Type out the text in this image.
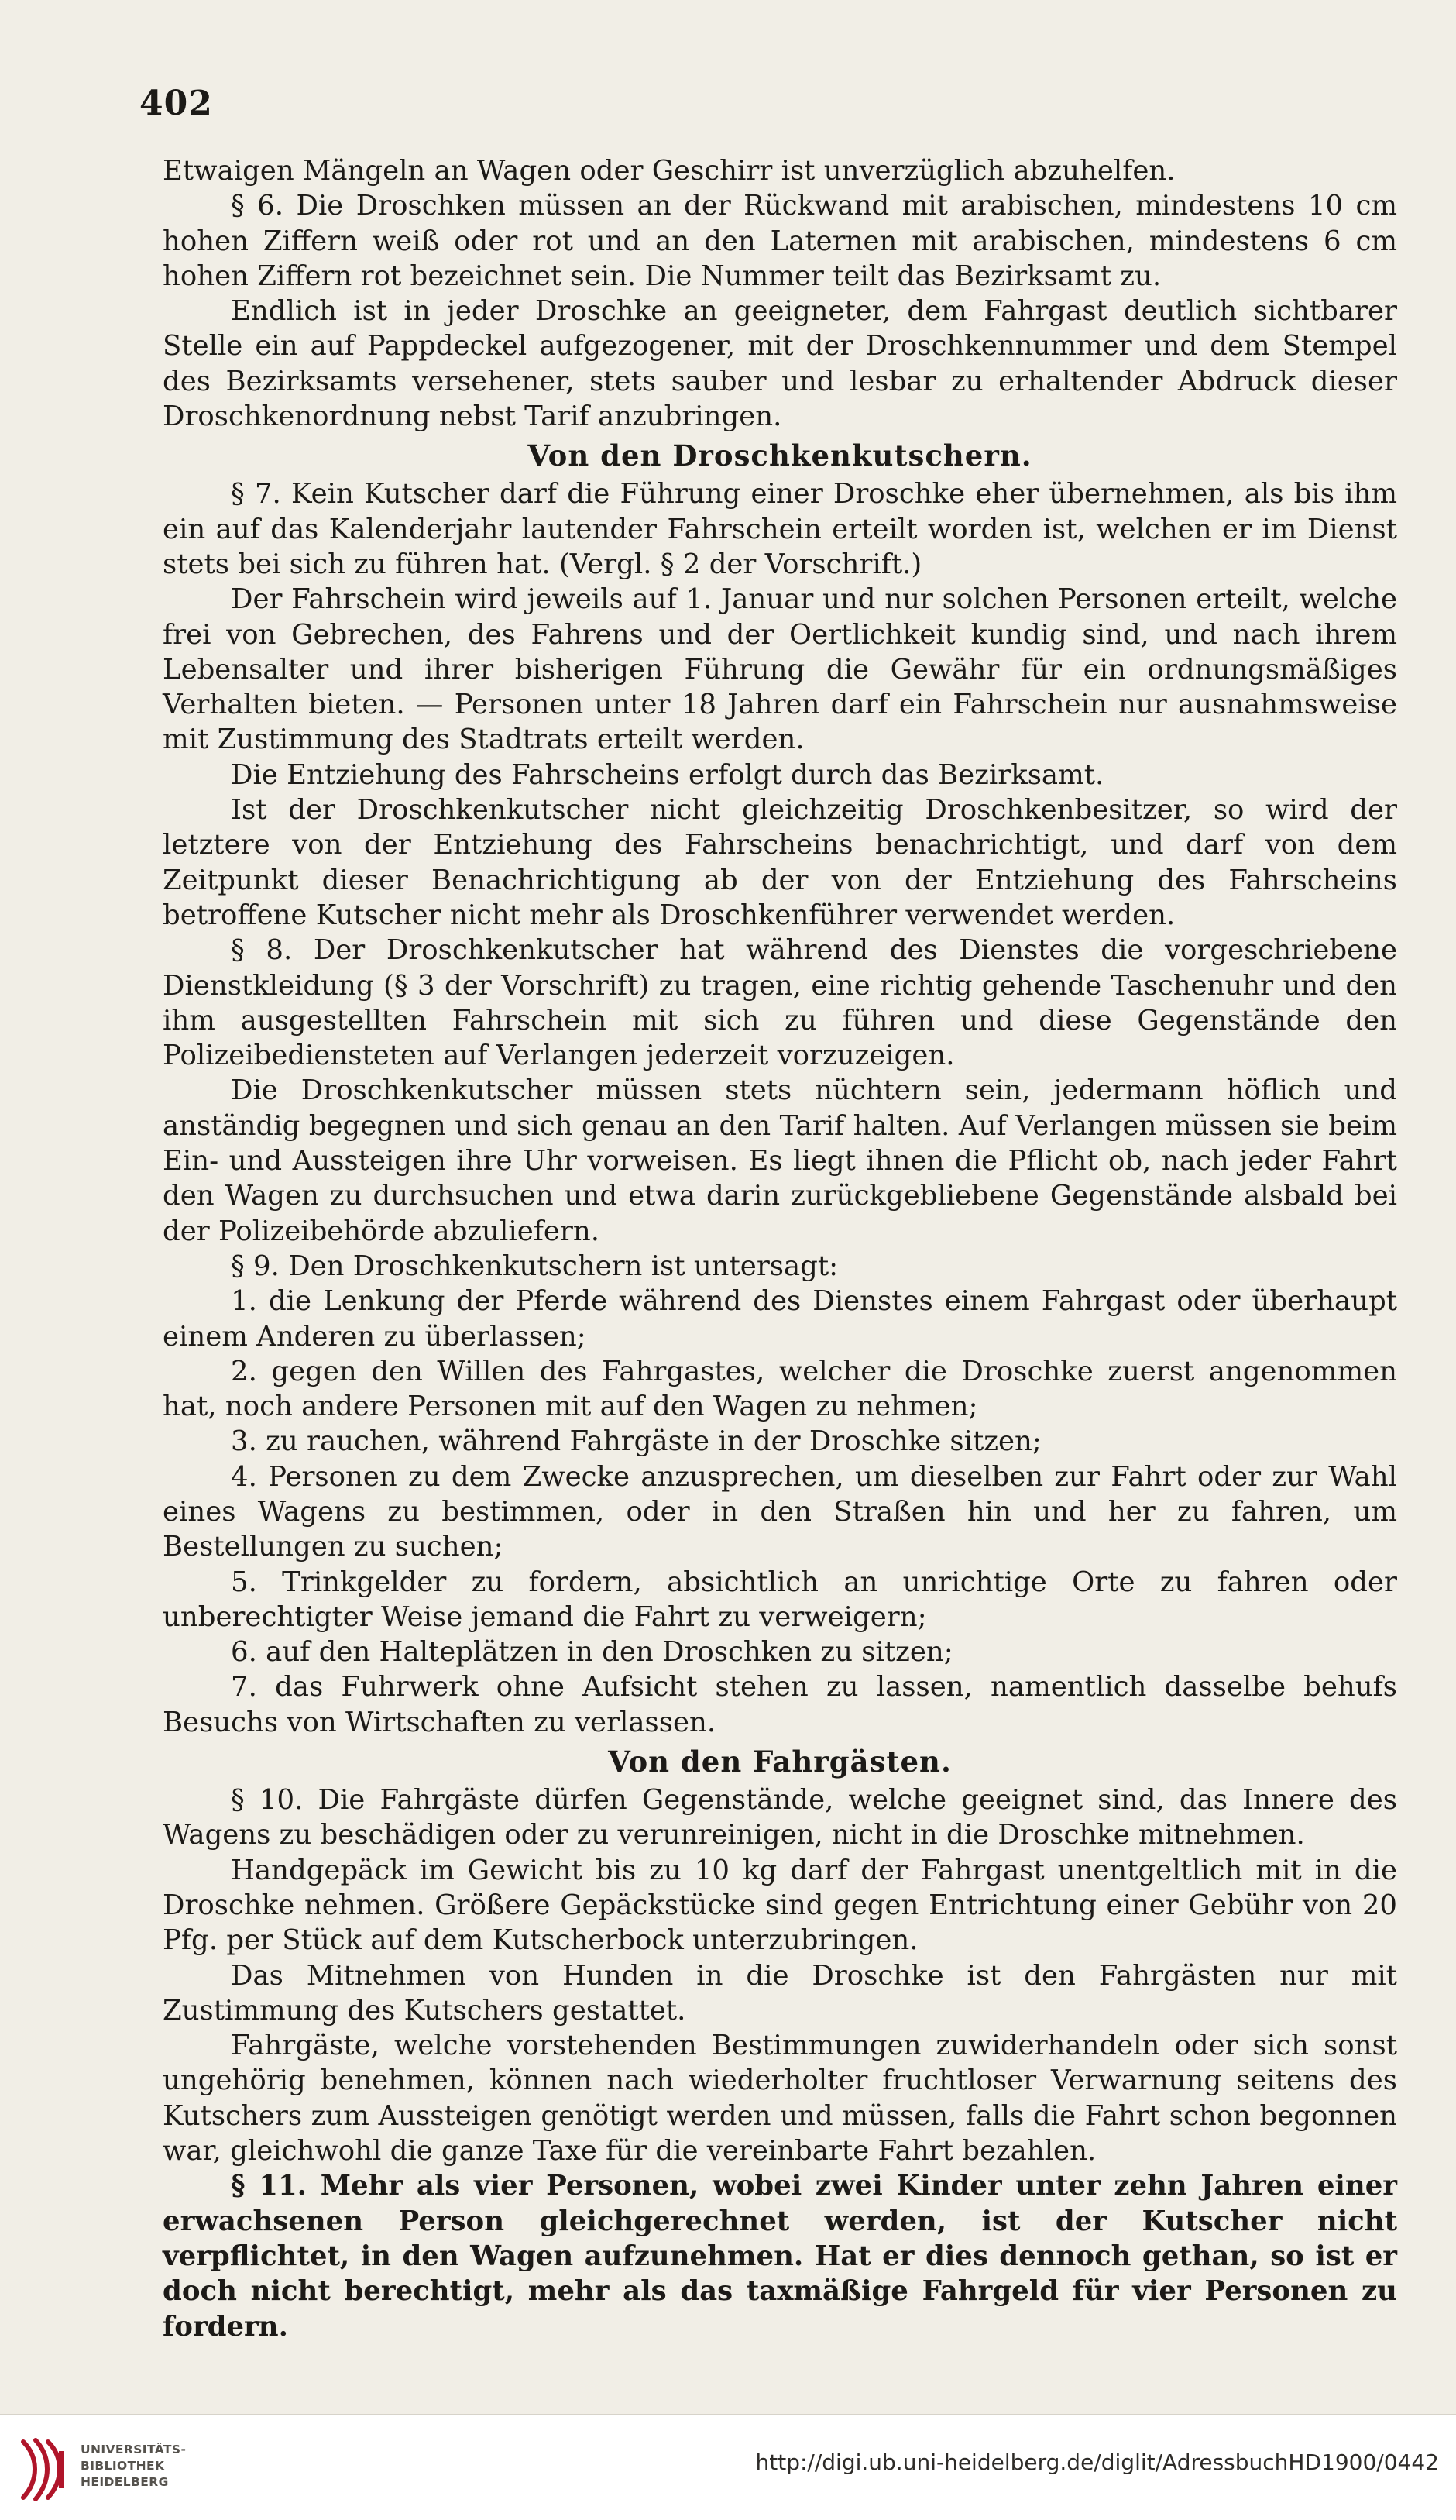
402

Etwaigen Mängeln an Wagen oder Geschirr ist unverzüglich abzuhelfen.

§ 6. Die Droschken müssen an der Rückwand mit arabischen, mindestens 10 cm hohen Ziffern weiß oder rot und an den Laternen mit arabischen, mindestens 6 cm hohen Ziffern rot bezeichnet sein. Die Nummer teilt das Bezirksamt zu.

Endlich ist in jeder Droschke an geeigneter, dem Fahrgast deutlich sichtbarer Stelle ein auf Pappdeckel aufgezogener, mit der Droschkennummer und dem Stempel des Bezirksamts versehener, stets sauber und lesbar zu erhaltender Abdruck dieser Droschkenordnung nebst Tarif anzubringen.

Von den Droschkenkutschern.

§ 7. Kein Kutscher darf die Führung einer Droschke eher übernehmen, als bis ihm ein auf das Kalenderjahr lautender Fahrschein erteilt worden ist, welchen er im Dienst stets bei sich zu führen hat. (Vergl. § 2 der Vorschrift.)

Der Fahrschein wird jeweils auf 1. Januar und nur solchen Personen erteilt, welche frei von Gebrechen, des Fahrens und der Oertlichkeit kundig sind, und nach ihrem Lebensalter und ihrer bisherigen Führung die Gewähr für ein ordnungsmäßiges Verhalten bieten. — Personen unter 18 Jahren darf ein Fahrschein nur ausnahmsweise mit Zustimmung des Stadtrats erteilt werden.

Die Entziehung des Fahrscheins erfolgt durch das Bezirksamt.

Ist der Droschkenkutscher nicht gleichzeitig Droschkenbesitzer, so wird der letztere von der Entziehung des Fahrscheins benachrichtigt, und darf von dem Zeitpunkt dieser Benachrichtigung ab der von der Entziehung des Fahrscheins betroffene Kutscher nicht mehr als Droschkenführer verwendet werden.

§ 8. Der Droschkenkutscher hat während des Dienstes die vorgeschriebene Dienstkleidung (§ 3 der Vorschrift) zu tragen, eine richtig gehende Taschenuhr und den ihm ausgestellten Fahrschein mit sich zu führen und diese Gegenstände den Polizeibediensteten auf Verlangen jederzeit vorzuzeigen.

Die Droschkenkutscher müssen stets nüchtern sein, jedermann höflich und anständig begegnen und sich genau an den Tarif halten. Auf Verlangen müssen sie beim Ein- und Aussteigen ihre Uhr vorweisen. Es liegt ihnen die Pflicht ob, nach jeder Fahrt den Wagen zu durchsuchen und etwa darin zurückgebliebene Gegenstände alsbald bei der Polizeibehörde abzuliefern.

§ 9. Den Droschkenkutschern ist untersagt:

1. die Lenkung der Pferde während des Dienstes einem Fahrgast oder überhaupt einem Anderen zu überlassen;

2. gegen den Willen des Fahrgastes, welcher die Droschke zuerst angenommen hat, noch andere Personen mit auf den Wagen zu nehmen;

3. zu rauchen, während Fahrgäste in der Droschke sitzen;

4. Personen zu dem Zwecke anzusprechen, um dieselben zur Fahrt oder zur Wahl eines Wagens zu bestimmen, oder in den Straßen hin und her zu fahren, um Bestellungen zu suchen;

5. Trinkgelder zu fordern, absichtlich an unrichtige Orte zu fahren oder unberechtigter Weise jemand die Fahrt zu verweigern;

6. auf den Halteplätzen in den Droschken zu sitzen;

7. das Fuhrwerk ohne Aufsicht stehen zu lassen, namentlich dasselbe behufs Besuchs von Wirtschaften zu verlassen.

Von den Fahrgästen.

§ 10. Die Fahrgäste dürfen Gegenstände, welche geeignet sind, das Innere des Wagens zu beschädigen oder zu verunreinigen, nicht in die Droschke mitnehmen.

Handgepäck im Gewicht bis zu 10 kg darf der Fahrgast unentgeltlich mit in die Droschke nehmen. Größere Gepäckstücke sind gegen Entrichtung einer Gebühr von 20 Pfg. per Stück auf dem Kutscherbock unterzubringen.

Das Mitnehmen von Hunden in die Droschke ist den Fahrgästen nur mit Zustimmung des Kutschers gestattet.

Fahrgäste, welche vorstehenden Bestimmungen zuwiderhandeln oder sich sonst ungehörig benehmen, können nach wiederholter fruchtloser Verwarnung seitens des Kutschers zum Aussteigen genötigt werden und müssen, falls die Fahrt schon begonnen war, gleichwohl die ganze Taxe für die vereinbarte Fahrt bezahlen.

§ 11. Mehr als vier Personen, wobei zwei Kinder unter zehn Jahren einer erwachsenen Person gleichgerechnet werden, ist der Kutscher nicht verpflichtet, in den Wagen aufzunehmen. Hat er dies dennoch gethan, so ist er doch nicht berechtigt, mehr als das taxmäßige Fahrgeld für vier Personen zu fordern.

UNIVERSITÄTS-
BIBLIOTHEK
HEIDELBERG
http://digi.ub.uni-heidelberg.de/diglit/AdressbuchHD1900/0442
